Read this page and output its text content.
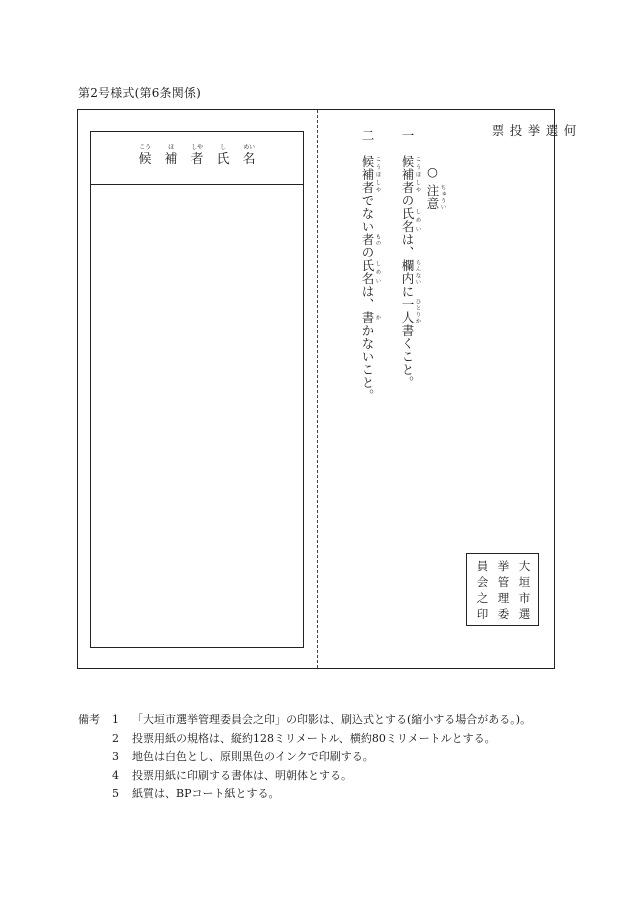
第2号様式(第6条関係)
こう
候
ほ
補
しや
者
し
氏
めい
名
何
選
挙
投
票
○ 注意 ちゅうい
一　候補者 こうほしやの氏名 しめいは、欄内 らんないに一人 ひとりか書くこと。
二　候補者 こうほしやでない者 ものの氏名 しめいは、書 かかないこと。
員 挙 大
会 管 垣
之 理 市
印 委 選
備考 1 「大垣市選挙管理委員会之印」の印影は、刷込式とする(縮小する場合がある。)。
2 投票用紙の規格は、縦約128ミリメートル、横約80ミリメートルとする。
3 地色は白色とし、原則黒色のインクで印刷する。
4 投票用紙に印刷する書体は、明朝体とする。
5 紙質は、BPコート紙とする。
